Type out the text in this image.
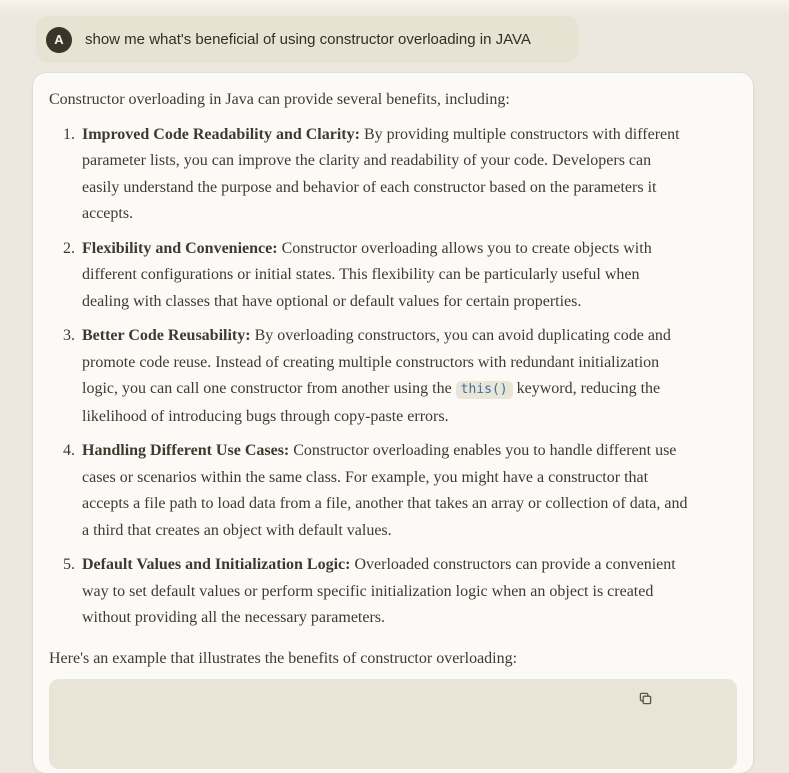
A	show me what's beneficial of using constructor overloading in JAVA

Constructor overloading in Java can provide several benefits, including:

1. Improved Code Readability and Clarity: By providing multiple constructors with different parameter lists, you can improve the clarity and readability of your code. Developers can easily understand the purpose and behavior of each constructor based on the parameters it accepts.
2. Flexibility and Convenience: Constructor overloading allows you to create objects with different configurations or initial states. This flexibility can be particularly useful when dealing with classes that have optional or default values for certain properties.
3. Better Code Reusability: By overloading constructors, you can avoid duplicating code and promote code reuse. Instead of creating multiple constructors with redundant initialization logic, you can call one constructor from another using the this() keyword, reducing the likelihood of introducing bugs through copy-paste errors.
4. Handling Different Use Cases: Constructor overloading enables you to handle different use cases or scenarios within the same class. For example, you might have a constructor that accepts a file path to load data from a file, another that takes an array or collection of data, and a third that creates an object with default values.
5. Default Values and Initialization Logic: Overloaded constructors can provide a convenient way to set default values or perform specific initialization logic when an object is created without providing all the necessary parameters.

Here's an example that illustrates the benefits of constructor overloading:
